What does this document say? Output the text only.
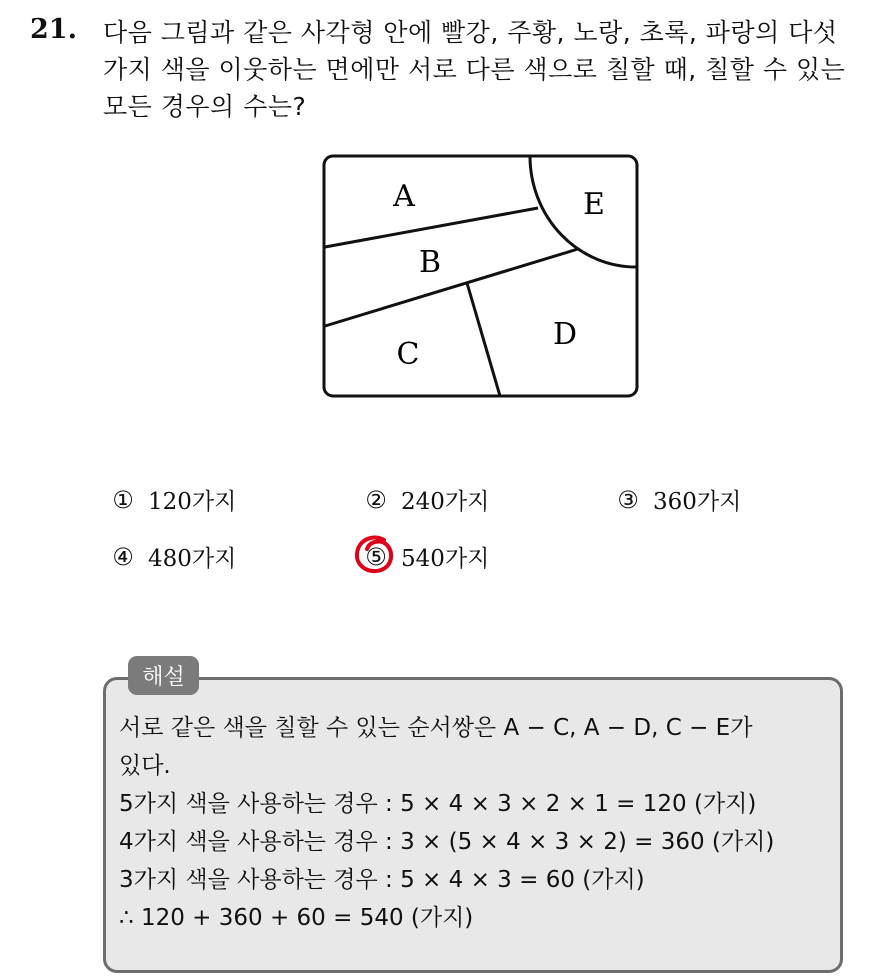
21. 다음 그림과 같은 사각형 안에 빨강, 주황, 노랑, 초록, 파랑의 다섯
가지 색을 이웃하는 면에만 서로 다른 색으로 칠할 때, 칠할 수 있는
모든 경우의 수는?
A
B
C
D
E
① 120가지	② 240가지	③ 360가지
④ 480가지	⑤ 540가지
해설
서로 같은 색을 칠할 수 있는 순서쌍은 A − C, A − D, C − E가
있다.
5가지 색을 사용하는 경우 : 5 × 4 × 3 × 2 × 1 = 120 (가지)
4가지 색을 사용하는 경우 : 3 × (5 × 4 × 3 × 2) = 360 (가지)
3가지 색을 사용하는 경우 : 5 × 4 × 3 = 60 (가지)
∴ 120 + 360 + 60 = 540 (가지)
